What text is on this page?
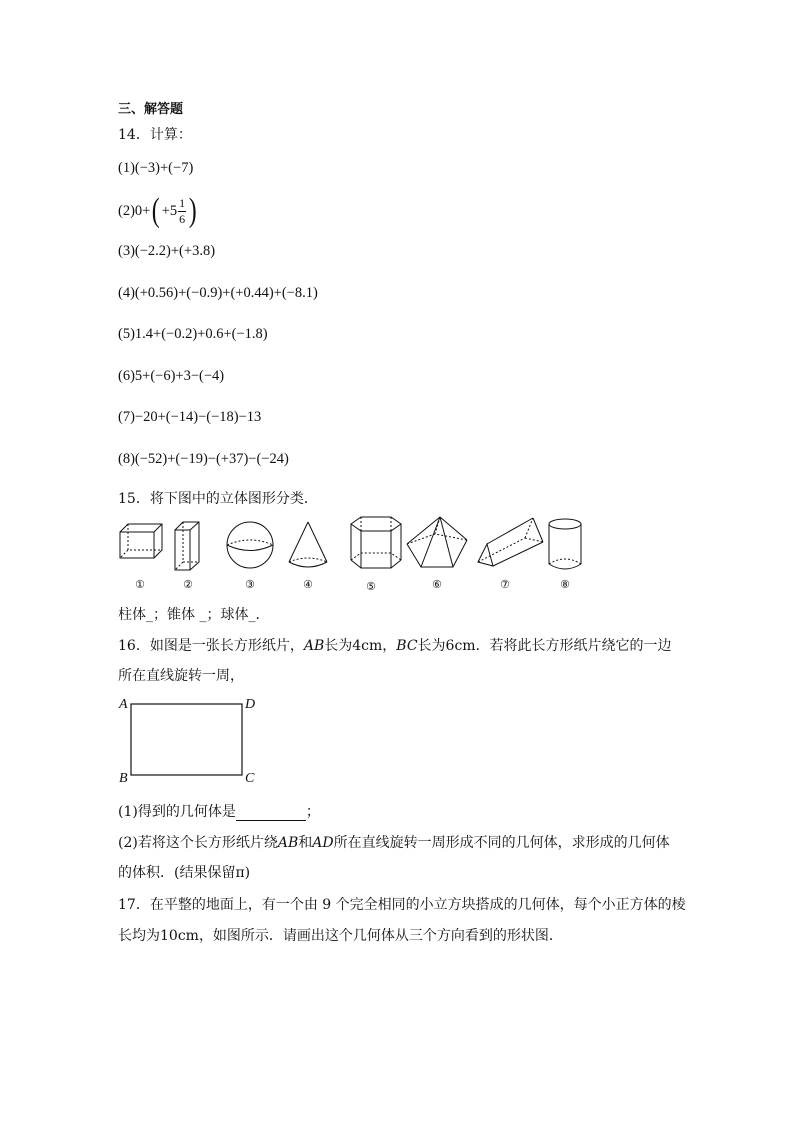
三、解答题
14．计算：
(1) (−3)+(−7)
(2) 0+ ( $+5 \frac{1}{6}$ )
(3) (−2.2)+(+3.8)
(4) (+0.56)+(−0.9)+(+0.44)+(−8.1)
(5) 1.4+(−0.2)+0.6+(−1.8)
(6) 5+(−6)+3−(−4)
(7) −20+(−14)−(−18)−13
(8) (−52)+(−19)−(+37)−(−24)
15．将下图中的立体图形分类．
①	②	③	④	⑤	⑥	⑦	⑧
柱体_；锥体 _；球体_．
16．如图是一张长方形纸片，AB长为4cm，BC长为6cm．若将此长方形纸片绕它的一边
所在直线旋转一周，
A	D
B	C
(1)得到的几何体是	；
(2)若将这个长方形纸片绕AB和AD所在直线旋转一周形成不同的几何体，求形成的几何体
的体积．(结果保留π)
17．在平整的地面上，有一个由 9 个完全相同的小立方块搭成的几何体，每个小正方体的棱
长均为10cm，如图所示．请画出这个几何体从三个方向看到的形状图．
